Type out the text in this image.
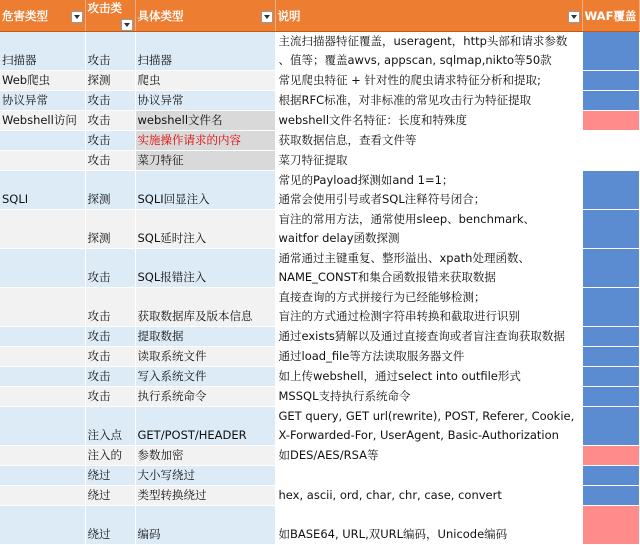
危害类型	攻击类	具体类型	说明	WAF覆盖
扫描器	攻击	扫描器	主流扫描器特征覆盖，useragent，http头部和请求参数
、值等；覆盖awvs, appscan, sqlmap,nikto等50款	

Web爬虫	探测	爬虫	常见爬虫特征 + 针对性的爬虫请求特征分析和提取;	

协议异常	攻击	协议异常	根据RFC标准，对非标准的常见攻击行为特征提取	

Webshell访问	攻击	webshell文件名	webshell文件名特征：长度和特殊度	

	攻击	实施操作请求的内容	获取数据信息，查看文件等	

	攻击	菜刀特征	菜刀特征提取	

SQLI	探测	SQLI回显注入	常见的Payload探测如and 1=1；
通常会使用引号或者SQL注释符号闭合；	

	探测	SQL延时注入	盲注的常用方法，通常使用sleep、benchmark、
waitfor delay函数探测	

	攻击	SQL报错注入	通常通过主键重复、整形溢出、xpath处理函数、
NAME_CONST和集合函数报错来获取数据	

	攻击	获取数据库及版本信息	直接查询的方式拼接行为已经能够检测；
盲注的方式通过检测字符串转换和截取进行识别	

	攻击	提取数据	通过exists猜解以及通过直接查询或者盲注查询获取数据	

	攻击	读取系统文件	通过load_file等方法读取服务器文件	

	攻击	写入系统文件	如上传webshell，通过select into outfile形式	

	攻击	执行系统命令	MSSQL支持执行系统命令	

	注入点	GET/POST/HEADER	GET query, GET url(rewrite), POST, Referer, Cookie,
X-Forwarded-For, UserAgent, Basic-Authorization	

	注入的	参数加密	如DES/AES/RSA等	

	绕过	大小写绕过	

	绕过	类型转换绕过	hex, ascii, ord, char, chr, case, convert	

	绕过	编码	如BASE64, URL,双URL编码，Unicode编码	
